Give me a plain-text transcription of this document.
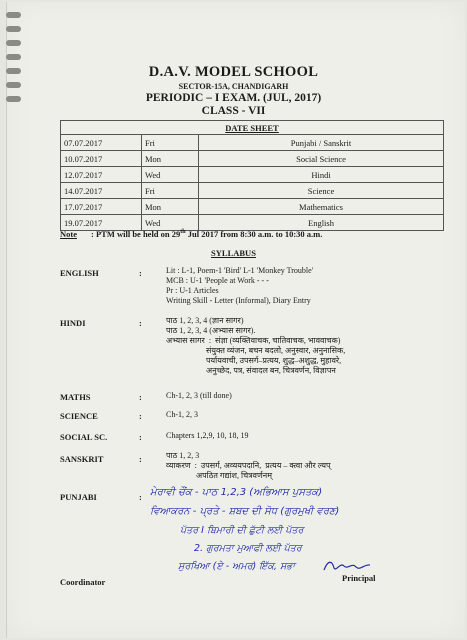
D.A.V. MODEL SCHOOL
SECTOR-15A, CHANDIGARH
PERIODIC – I EXAM. (JUL, 2017)
CLASS - VII
DATE SHEET		
07.07.2017	Fri	Punjabi / Sanskrit
10.07.2017	Mon	Social Science
12.07.2017	Wed	Hindi
14.07.2017	Fri	Science
17.07.2017	Mon	Mathematics
19.07.2017	Wed	English
Note : PTM will be held on 29th Jul 2017 from 8:30 a.m. to 10:30 a.m.
SYLLABUS
ENGLISH	:	Lit : L-1, Poem-1 'Bird' L-1 'Monkey Trouble'
MCB : U-1 'People at Work - - -
Pr : U-1 Articles
Writing Skill - Letter (Informal), Diary Entry
HINDI	:	पाठ 1, 2, 3, 4 (ज्ञान सागर)
पाठ 1, 2, 3, 4 (अभ्यास सागर).
अभ्यास सागर  :  संज्ञा (व्यक्तिवाचक, चातिवाचक, भाववाचक)
संयुक्त व्यंजन, बचन बदलो, अनुस्वार, अनुनासिक,
पर्यायवाची, उपसर्ग–प्रत्यय, शुद्ध–अशुद्ध, मुहावरे,
अनुच्छेद, पत्र, संवादल बन, चित्रवर्णन, विज्ञापन
MATHS	:	Ch-1, 2, 3 (till done)
SCIENCE	:	Ch-1, 2, 3
SOCIAL SC.	:	Chapters 1,2,9, 10, 18, 19
SANSKRIT	:	पाठ 1, 2, 3
व्याकरण  :  उपसर्ग, अव्ययपदानि,  प्रत्यय – क्त्वा और ल्यप्
अपठित गद्यांश, चित्रवर्णनम्
PUNJABI	: ਮੇਰਾਵੀ ਚੌਂਕ - ਪਾਠ 1,2,3 (ਅਭਿਆਸ ਪੁਸਤਕ)
ਵਿਆਕਰਨ - ਪ੍ਰਤੇ - ਸ਼ਬਦ ਦੀ ਸੋਧ (ਗੁਰਮੁਖੀ ਵਰਣ)
ਪੱਤਰ I ਬਿਮਾਰੀ ਦੀ ਛੁੱਟੀ ਲਈ ਪੱਤਰ
2. ਗੁਰਮਤਾ ਮੁਆਫੀ ਲਈ ਪੱਤਰ
ਸੁਰਖਿਆ (ਏ - ਅਮਰ) ਇੱਕ, ਸਭਾ
Coordinator	Principal
